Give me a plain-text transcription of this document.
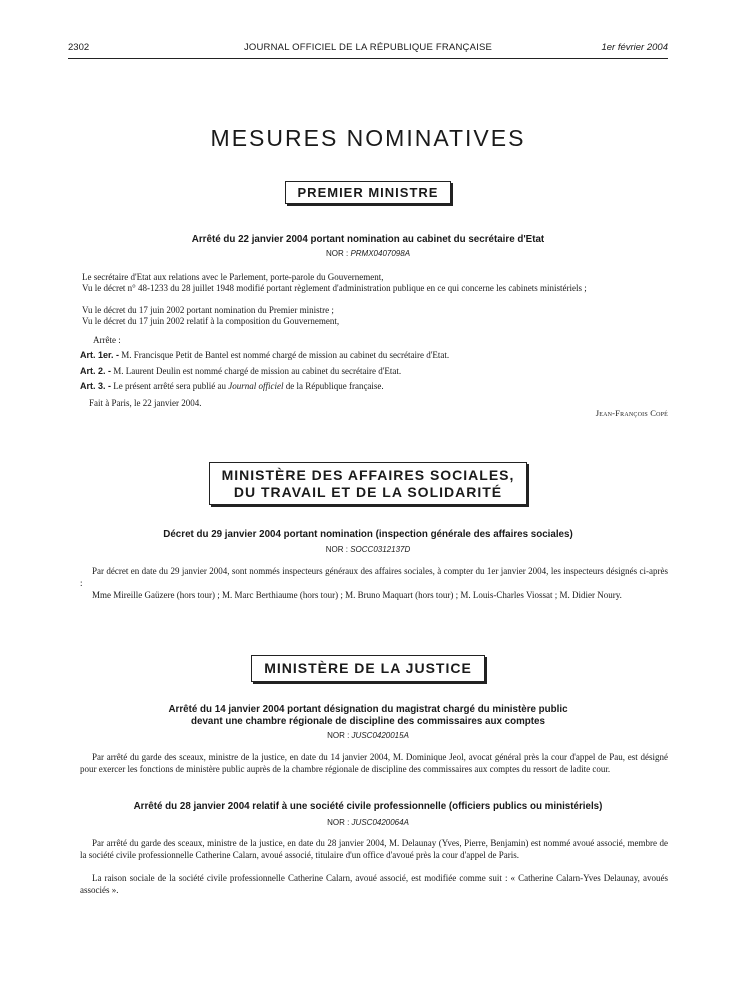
2302	JOURNAL OFFICIEL DE LA RÉPUBLIQUE FRANÇAISE	1er février 2004
MESURES NOMINATIVES
PREMIER MINISTRE
Arrêté du 22 janvier 2004 portant nomination au cabinet du secrétaire d'Etat
NOR : PRMX0407098A
Le secrétaire d'Etat aux relations avec le Parlement, porte-parole du Gouvernement,
Vu le décret n° 48-1233 du 28 juillet 1948 modifié portant règlement d'administration publique en ce qui concerne les cabinets ministériels ;
Vu le décret du 17 juin 2002 portant nomination du Premier ministre ;
Vu le décret du 17 juin 2002 relatif à la composition du Gouvernement,
Arrête :
Art. 1er. - M. Francisque Petit de Bantel est nommé chargé de mission au cabinet du secrétaire d'Etat.
Art. 2. - M. Laurent Deulin est nommé chargé de mission au cabinet du secrétaire d'Etat.
Art. 3. - Le présent arrêté sera publié au Journal officiel de la République française.
Fait à Paris, le 22 janvier 2004.
Jean-François Copé
MINISTÈRE DES AFFAIRES SOCIALES,
DU TRAVAIL ET DE LA SOLIDARITÉ
Décret du 29 janvier 2004 portant nomination (inspection générale des affaires sociales)
NOR : SOCC0312137D
Par décret en date du 29 janvier 2004, sont nommés inspecteurs généraux des affaires sociales, à compter du 1er janvier 2004, les inspecteurs désignés ci-après :
Mme Mireille Gaüzere (hors tour) ; M. Marc Berthiaume (hors tour) ; M. Bruno Maquart (hors tour) ; M. Louis-Charles Viossat ; M. Didier Noury.
MINISTÈRE DE LA JUSTICE
Arrêté du 14 janvier 2004 portant désignation du magistrat chargé du ministère public
devant une chambre régionale de discipline des commissaires aux comptes
NOR : JUSC0420015A
Par arrêté du garde des sceaux, ministre de la justice, en date du 14 janvier 2004, M. Dominique Jeol, avocat général près la cour d'appel de Pau, est désigné pour exercer les fonctions de ministère public auprès de la chambre régionale de discipline des commissaires aux comptes du ressort de ladite cour.
Arrêté du 28 janvier 2004 relatif à une société civile professionnelle (officiers publics ou ministériels)
NOR : JUSC0420064A
Par arrêté du garde des sceaux, ministre de la justice, en date du 28 janvier 2004, M. Delaunay (Yves, Pierre, Benjamin) est nommé avoué associé, membre de la société civile professionnelle Catherine Calarn, avoué associé, titulaire d'un office d'avoué près la cour d'appel de Paris.
La raison sociale de la société civile professionnelle Catherine Calarn, avoué associé, est modifiée comme suit : « Catherine Calarn-Yves Delaunay, avoués associés ».
